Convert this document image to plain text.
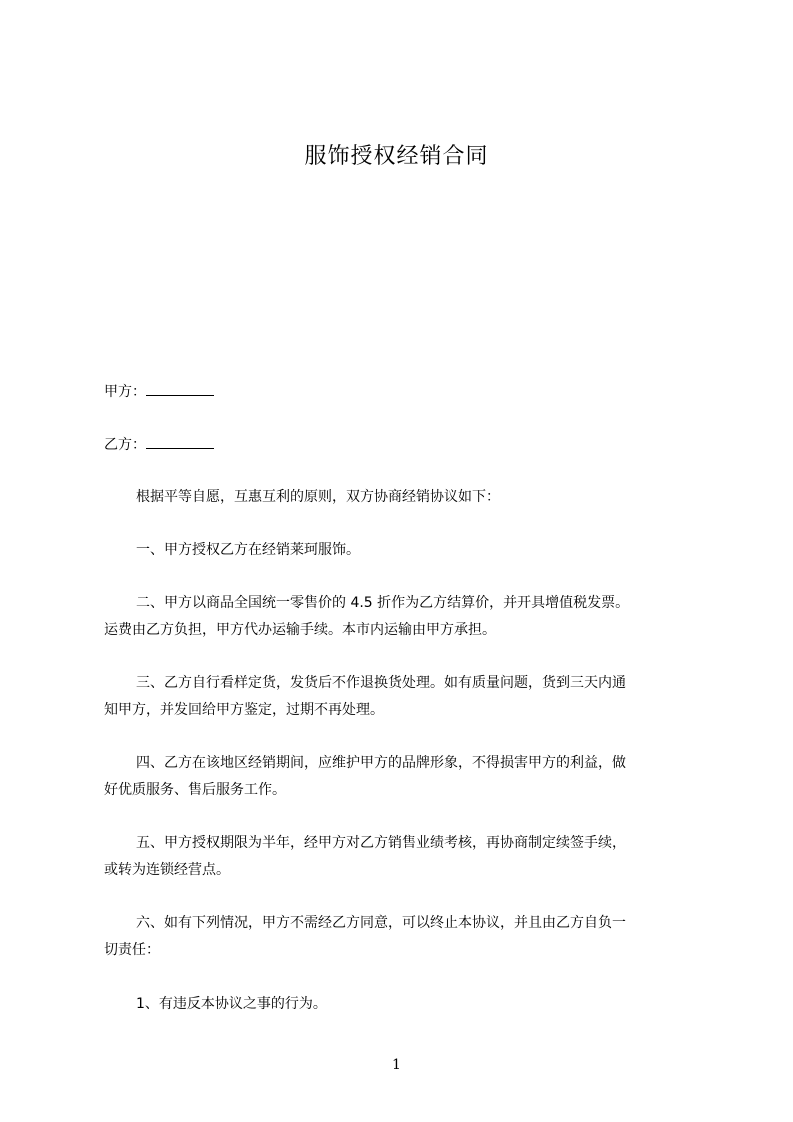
服饰授权经销合同
甲方：
乙方：
根据平等自愿，互惠互利的原则，双方协商经销协议如下：
一、甲方授权乙方在经销莱珂服饰。
二、甲方以商品全国统一零售价的 4.5 折作为乙方结算价，并开具增值税发票。
运费由乙方负担，甲方代办运输手续。本市内运输由甲方承担。
三、乙方自行看样定货，发货后不作退换货处理。如有质量问题，货到三天内通
知甲方，并发回给甲方鉴定，过期不再处理。
四、乙方在该地区经销期间，应维护甲方的品牌形象，不得损害甲方的利益，做
好优质服务、售后服务工作。
五、甲方授权期限为半年，经甲方对乙方销售业绩考核，再协商制定续签手续，
或转为连锁经营点。
六、如有下列情况，甲方不需经乙方同意，可以终止本协议，并且由乙方自负一
切责任：
1、有违反本协议之事的行为。
1
